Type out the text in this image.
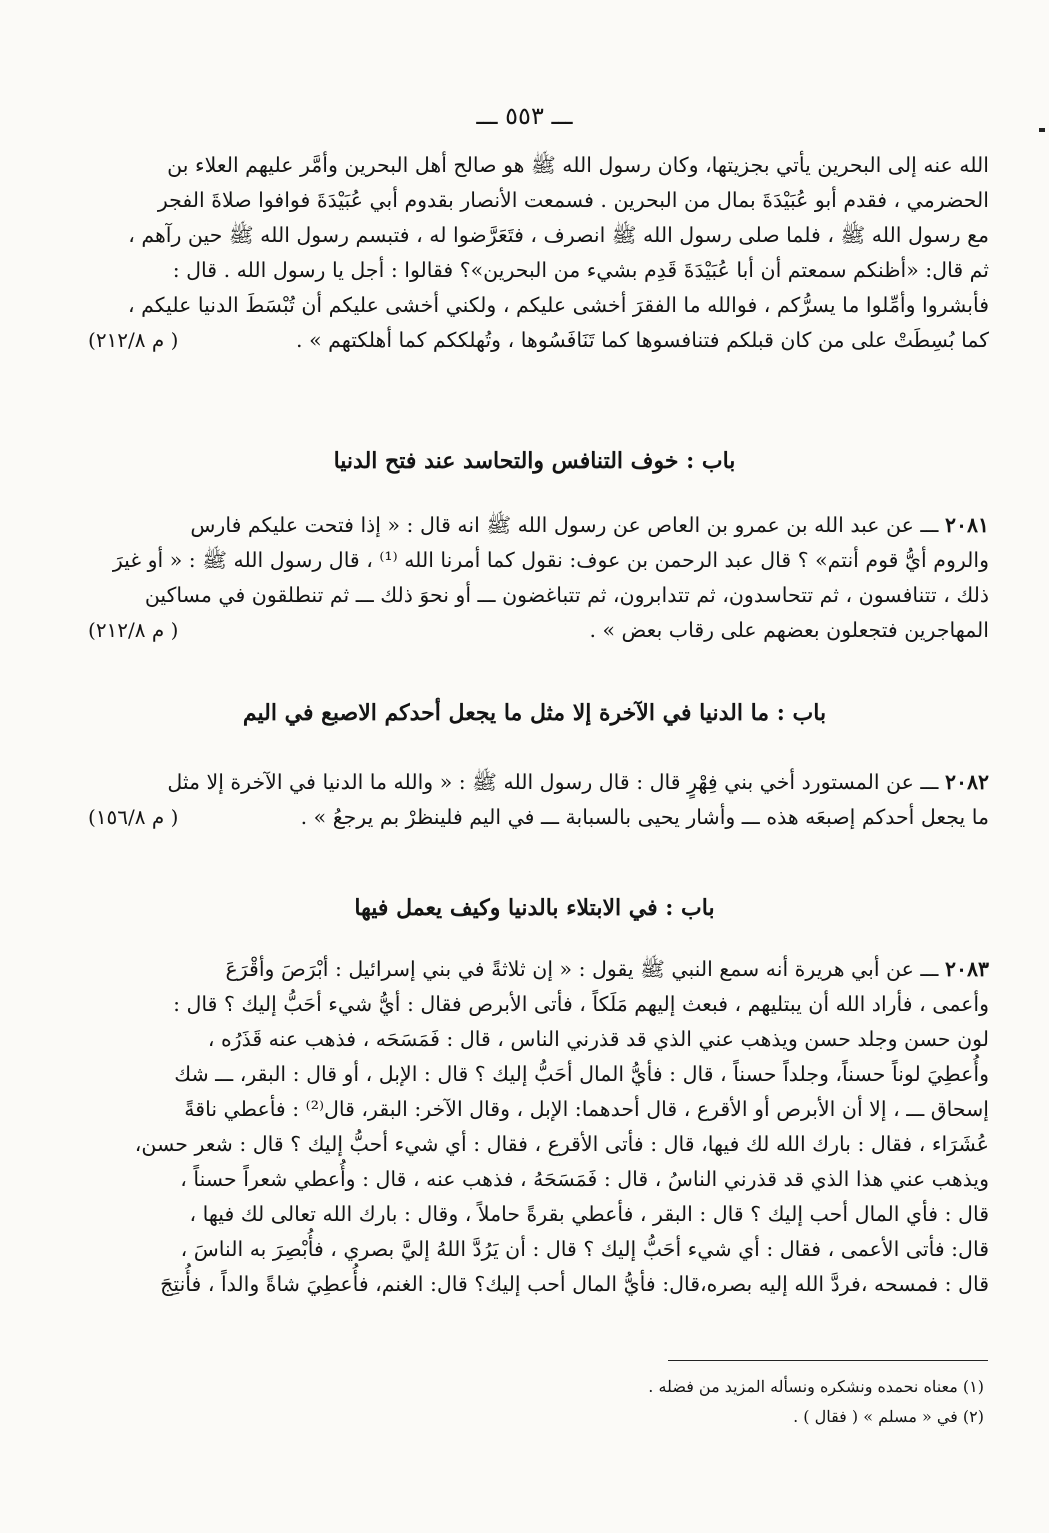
ـــ ٥٥٣ ـــ

الله عنه إلى البحرين يأتي بجزيتها، وكان رسول الله ﷺ هو صالح أهل البحرين وأمَّر عليهم العلاء بن

الحضرمي ، فقدم أبو عُبَيْدَةَ بمال من البحرين . فسمعت الأنصار بقدوم أبي عُبَيْدَةَ فوافوا صلاةَ الفجر

مع رسول الله ﷺ ، فلما صلى رسول الله ﷺ انصرف ، فتَعَرَّضوا له ، فتبسم رسول الله ﷺ حين رآهم ،

ثم قال: «أظنكم سمعتم أن أبا عُبَيْدَةَ قَدِم بشيء من البحرين»؟ فقالوا : أجل يا رسول الله . قال :

فأبشروا وأمِّلوا ما يسرُّكم ، فوالله ما الفقرَ أخشى عليكم ، ولكني أخشى عليكم أن تُبْسَطَ الدنيا عليكم ،

( م ٢١٢/٨)	كما بُسِطَتْ على من كان قبلكم فتنافسوها كما تَنَافَسُوها ، وتُهلككم كما أهلكتهم » .

باب : خوف التنافس والتحاسد عند فتح الدنيا

٢٠٨١ ـــ عن عبد الله بن عمرو بن العاص عن رسول الله ﷺ انه قال : « إذا فتحت عليكم فارس

والروم أيُّ قوم أنتم» ؟ قال عبد الرحمن بن عوف: نقول كما أمرنا الله ⁽¹⁾ ، قال رسول الله ﷺ : « أو غيرَ

ذلك ، تتنافسون ، ثم تتحاسدون، ثم تتدابرون، ثم تتباغضون ـــ أو نحوَ ذلك ـــ ثم تنطلقون في مساكين

( م ٢١٢/٨)	المهاجرين فتجعلون بعضهم على رقاب بعض » .

باب : ما الدنيا في الآخرة إلا مثل ما يجعل أحدكم الاصبع في اليم

٢٠٨٢ ـــ عن المستورد أخي بني فِهْرٍ قال : قال رسول الله ﷺ : « والله ما الدنيا في الآخرة إلا مثل

( م ١٥٦/٨)	ما يجعل أحدكم إصبعَه هذه ـــ وأشار يحيى بالسبابة ـــ في اليم فلينظرْ بم يرجعُ » .

باب : في الابتلاء بالدنيا وكيف يعمل فيها

٢٠٨٣ ـــ عن أبي هريرة أنه سمع النبي ﷺ يقول : « إن ثلاثةً في بني إسرائيل : أبْرَصَ وأقْرَعَ

وأعمى ، فأراد الله أن يبتليهم ، فبعث إليهم مَلَكاً ، فأتى الأبرص فقال : أيُّ شيء أحَبُّ إليك ؟ قال :

لون حسن وجلد حسن ويذهب عني الذي قد قذرني الناس ، قال : فَمَسَحَه ، فذهب عنه قَذَرُه ،

وأُعطِيَ لوناً حسناً، وجلداً حسناً ، قال : فأيُّ المال أحَبُّ إليك ؟ قال : الإبل ، أو قال : البقر، ـــ شك

إسحاق ـــ ، إلا أن الأبرص أو الأقرع ، قال أحدهما: الإبل ، وقال الآخر: البقر، قال⁽²⁾ : فأعطي ناقةً

عُشَرَاء ، فقال : بارك الله لك فيها، قال : فأتى الأقرع ، فقال : أي شيء أحبُّ إليك ؟ قال : شعر حسن،

ويذهب عني هذا الذي قد قذرني الناسُ ، قال : فَمَسَحَهُ ، فذهب عنه ، قال : وأُعطي شعراً حسناً ،

قال : فأي المال أحب إليك ؟ قال : البقر ، فأعطي بقرةً حاملاً ، وقال : بارك الله تعالى لك فيها ،

قال: فأتى الأعمى ، فقال : أي شيء أحَبُّ إليك ؟ قال : أن يَرُدَّ اللهُ إليَّ بصري ، فأُبْصِرَ به الناسَ ،

قال : فمسحه ،فردَّ الله إليه بصره،قال: فأيُّ المال أحب إليك؟ قال: الغنم، فأُعطِيَ شاةً والداً ، فأُنتِجَ

(١) معناه نحمده ونشكره ونسأله المزيد من فضله .

(٢) في « مسلم » ( فقال ) .
